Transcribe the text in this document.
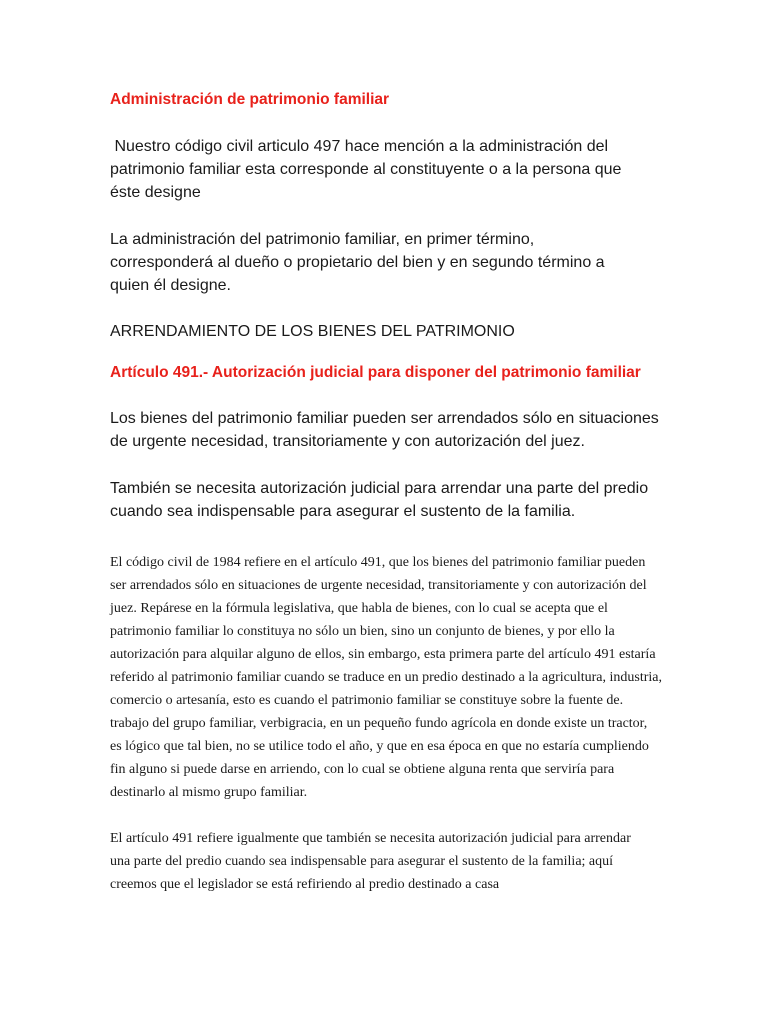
Administración de patrimonio familiar

Nuestro código civil articulo 497 hace mención a la administración del patrimonio familiar esta corresponde al constituyente o a la persona que éste designe

La administración del patrimonio familiar, en primer término, corresponderá al dueño o propietario del bien y en segundo término a quien él designe.

ARRENDAMIENTO DE LOS BIENES DEL PATRIMONIO

Artículo 491.- Autorización judicial para disponer del patrimonio familiar

Los bienes del patrimonio familiar pueden ser arrendados sólo en situaciones de urgente necesidad, transitoriamente y con autorización del juez.

También se necesita autorización judicial para arrendar una parte del predio cuando sea indispensable para asegurar el sustento de la familia.

El código civil de 1984 refiere en el artículo 491, que los bienes del patrimonio familiar pueden ser arrendados sólo en situaciones de urgente necesidad, transitoriamente y con autorización del juez. Repárese en la fórmula legislativa, que habla de bienes, con lo cual se acepta que el patrimonio familiar lo constituya no sólo un bien, sino un conjunto de bienes, y por ello la autorización para alquilar alguno de ellos, sin embargo, esta primera parte del artículo 491 estaría referido al patrimonio familiar cuando se traduce en un predio destinado a la agricultura, industria, comercio o artesanía, esto es cuando el patrimonio familiar se constituye sobre la fuente de. trabajo del grupo familiar, verbigracia, en un pequeño fundo agrícola en donde existe un tractor, es lógico que tal bien, no se utilice todo el año, y que en esa época en que no estaría cumpliendo fin alguno si puede darse en arriendo, con lo cual se obtiene alguna renta que serviría para destinarlo al mismo grupo familiar.

El artículo 491 refiere igualmente que también se necesita autorización judicial para arrendar una parte del predio cuando sea indispensable para asegurar el sustento de la familia; aquí creemos que el legislador se está refiriendo al predio destinado a casa
